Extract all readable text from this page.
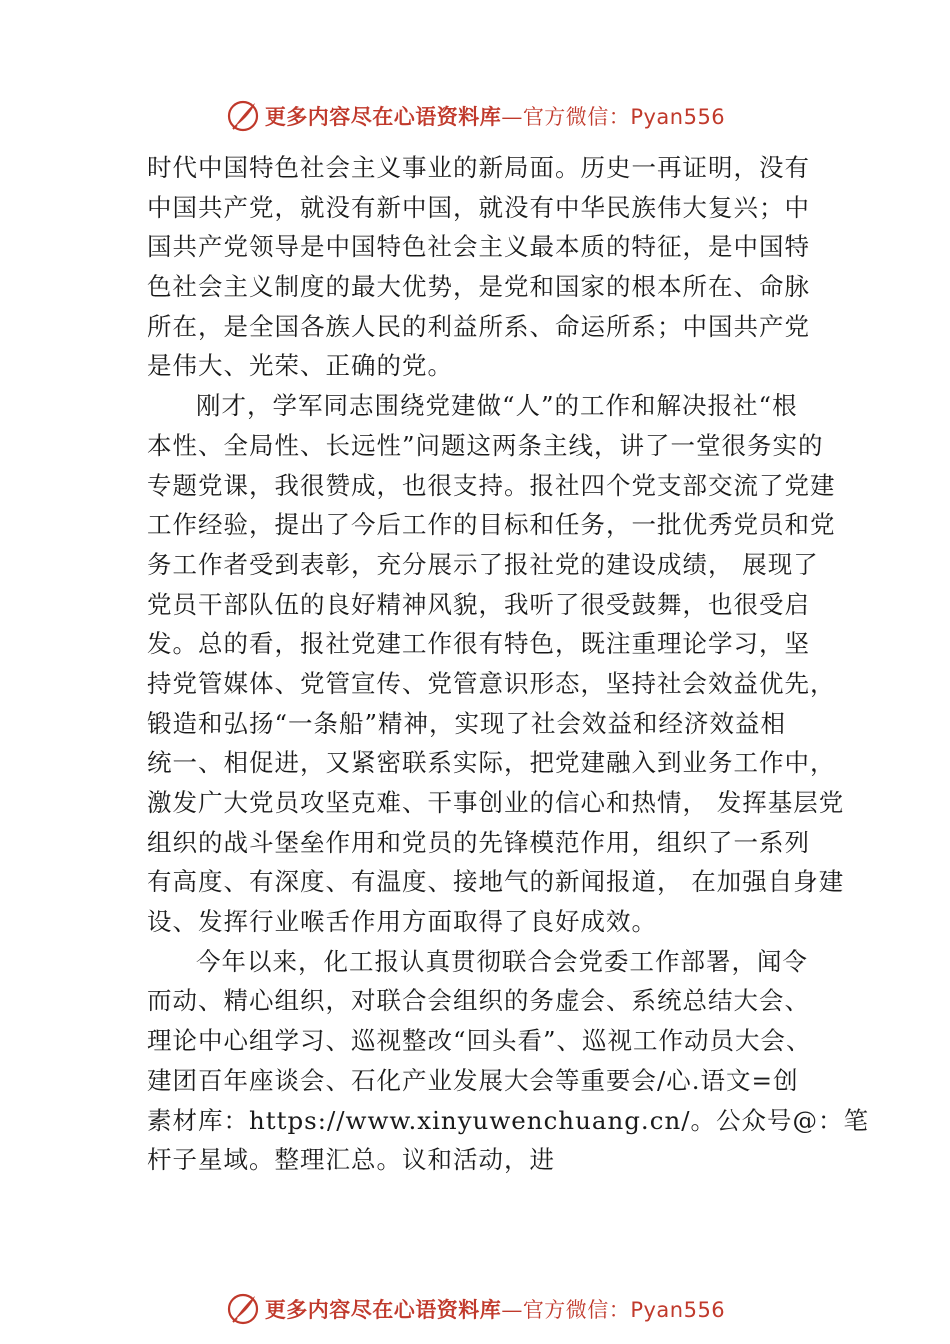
更多内容尽在心语资料库—官方微信：Pyan556
时代中国特色社会主义事业的新局面。历史一再证明，没有
中国共产党，就没有新中国，就没有中华民族伟大复兴；中
国共产党领导是中国特色社会主义最本质的特征，是中国特
色社会主义制度的最大优势，是党和国家的根本所在、命脉
所在，是全国各族人民的利益所系、命运所系；中国共产党
是伟大、光荣、正确的党。
刚才，学军同志围绕党建做“人”的工作和解决报社“根
本性、全局性、长远性”问题这两条主线，讲了一堂很务实的
专题党课，我很赞成，也很支持。报社四个党支部交流了党建
工作经验，提出了今后工作的目标和任务，一批优秀党员和党
务工作者受到表彰，充分展示了报社党的建设成绩， 展现了
党员干部队伍的良好精神风貌，我听了很受鼓舞，也很受启
发。总的看，报社党建工作很有特色，既注重理论学习，坚
持党管媒体、党管宣传、党管意识形态，坚持社会效益优先，
锻造和弘扬“一条船”精神，实现了社会效益和经济效益相
统一、相促进，又紧密联系实际，把党建融入到业务工作中，
激发广大党员攻坚克难、干事创业的信心和热情， 发挥基层党
组织的战斗堡垒作用和党员的先锋模范作用，组织了一系列
有高度、有深度、有温度、接地气的新闻报道， 在加强自身建
设、发挥行业喉舌作用方面取得了良好成效。
今年以来，化工报认真贯彻联合会党委工作部署，闻令
而动、精心组织，对联合会组织的务虚会、系统总结大会、
理论中心组学习、巡视整改“回头看”、巡视工作动员大会、
建团百年座谈会、石化产业发展大会等重要会/心.语文=创
素材库：https://www.xinyuwenchuang.cn/。公众号@：笔
杆子星域。整理汇总。议和活动，进
更多内容尽在心语资料库—官方微信：Pyan556
